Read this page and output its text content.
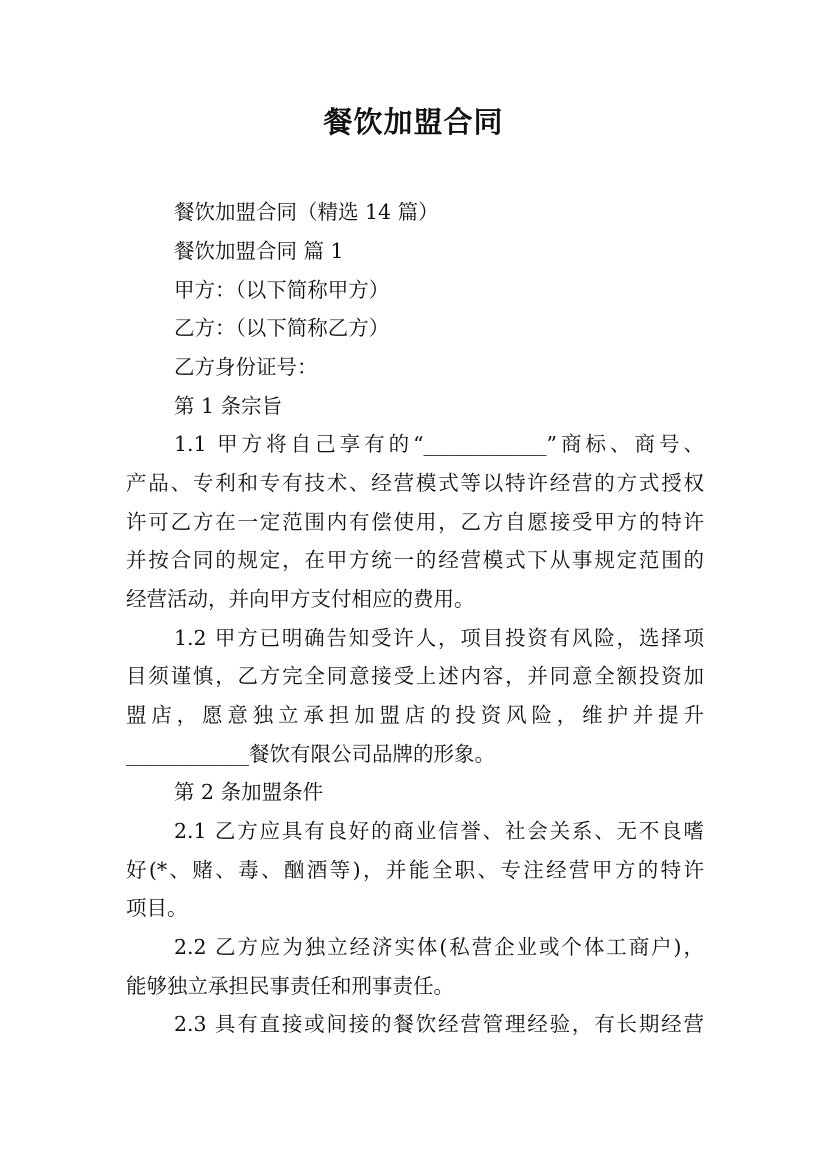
餐饮加盟合同
餐饮加盟合同（精选 14 篇）
餐饮加盟合同 篇 1
甲方：（以下简称甲方）
乙方：（以下简称乙方）
乙方身份证号：
第 1 条宗旨
1.1 甲方将自己享有的“____________”商标、商号、
产品、专利和专有技术、经营模式等以特许经营的方式授权
许可乙方在一定范围内有偿使用，乙方自愿接受甲方的特许
并按合同的规定，在甲方统一的经营模式下从事规定范围的
经营活动，并向甲方支付相应的费用。
1.2 甲方已明确告知受许人，项目投资有风险，选择项
目须谨慎，乙方完全同意接受上述内容，并同意全额投资加
盟店，愿意独立承担加盟店的投资风险，维护并提升
____________餐饮有限公司品牌的形象。
第 2 条加盟条件
2.1 乙方应具有良好的商业信誉、社会关系、无不良嗜
好(*、赌、毒、酗酒等)，并能全职、专注经营甲方的特许
项目。
2.2 乙方应为独立经济实体(私营企业或个体工商户)，
能够独立承担民事责任和刑事责任。
2.3 具有直接或间接的餐饮经营管理经验，有长期经营
